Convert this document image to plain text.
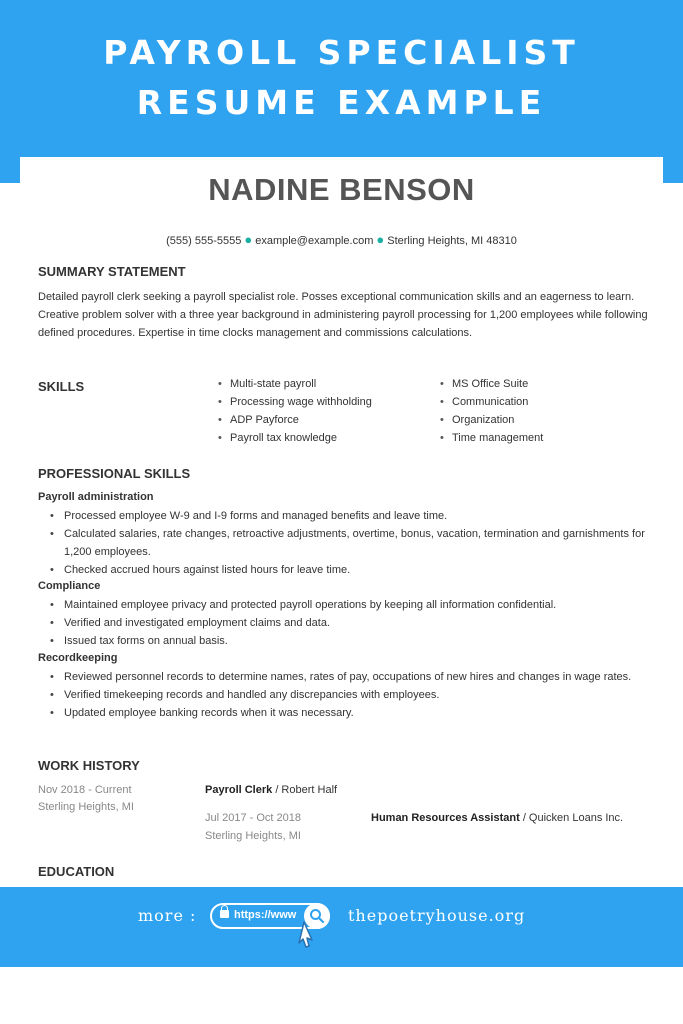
PAYROLL SPECIALIST
RESUME EXAMPLE
NADINE BENSON
(555) 555-5555 ● example@example.com ● Sterling Heights, MI 48310
SUMMARY STATEMENT
Detailed payroll clerk seeking a payroll specialist role. Posses exceptional communication skills and an eagerness to learn. Creative problem solver with a three year background in administering payroll processing for 1,200 employees while following defined procedures. Expertise in time clocks management and commissions calculations.
SKILLS
•	Multi-state payroll
• Processing wage withholding
• ADP Payforce
• Payroll tax knowledge
• MS Office Suite
• Communication
• Organization
• Time management
PROFESSIONAL SKILLS
Payroll administration
• Processed employee W-9 and I-9 forms and managed benefits and leave time.
• Calculated salaries, rate changes, retroactive adjustments, overtime, bonus, vacation, termination and garnishments for 1,200 employees.
• Checked accrued hours against listed hours for leave time.
Compliance
• Maintained employee privacy and protected payroll operations by keeping all information confidential.
• Verified and investigated employment claims and data.
• Issued tax forms on annual basis.
Recordkeeping
• Reviewed personnel records to determine names, rates of pay, occupations of new hires and changes in wage rates.
• Verified timekeeping records and handled any discrepancies with employees.
• Updated employee banking records when it was necessary.
WORK HISTORY
Nov 2018 - Current
Sterling Heights, MI
Payroll Clerk / Robert Half
Jul 2017 - Oct 2018
Sterling Heights, MI
Human Resources Assistant / Quicken Loans Inc.
EDUCATION
more :	https://www	thepoetryhouse.org
